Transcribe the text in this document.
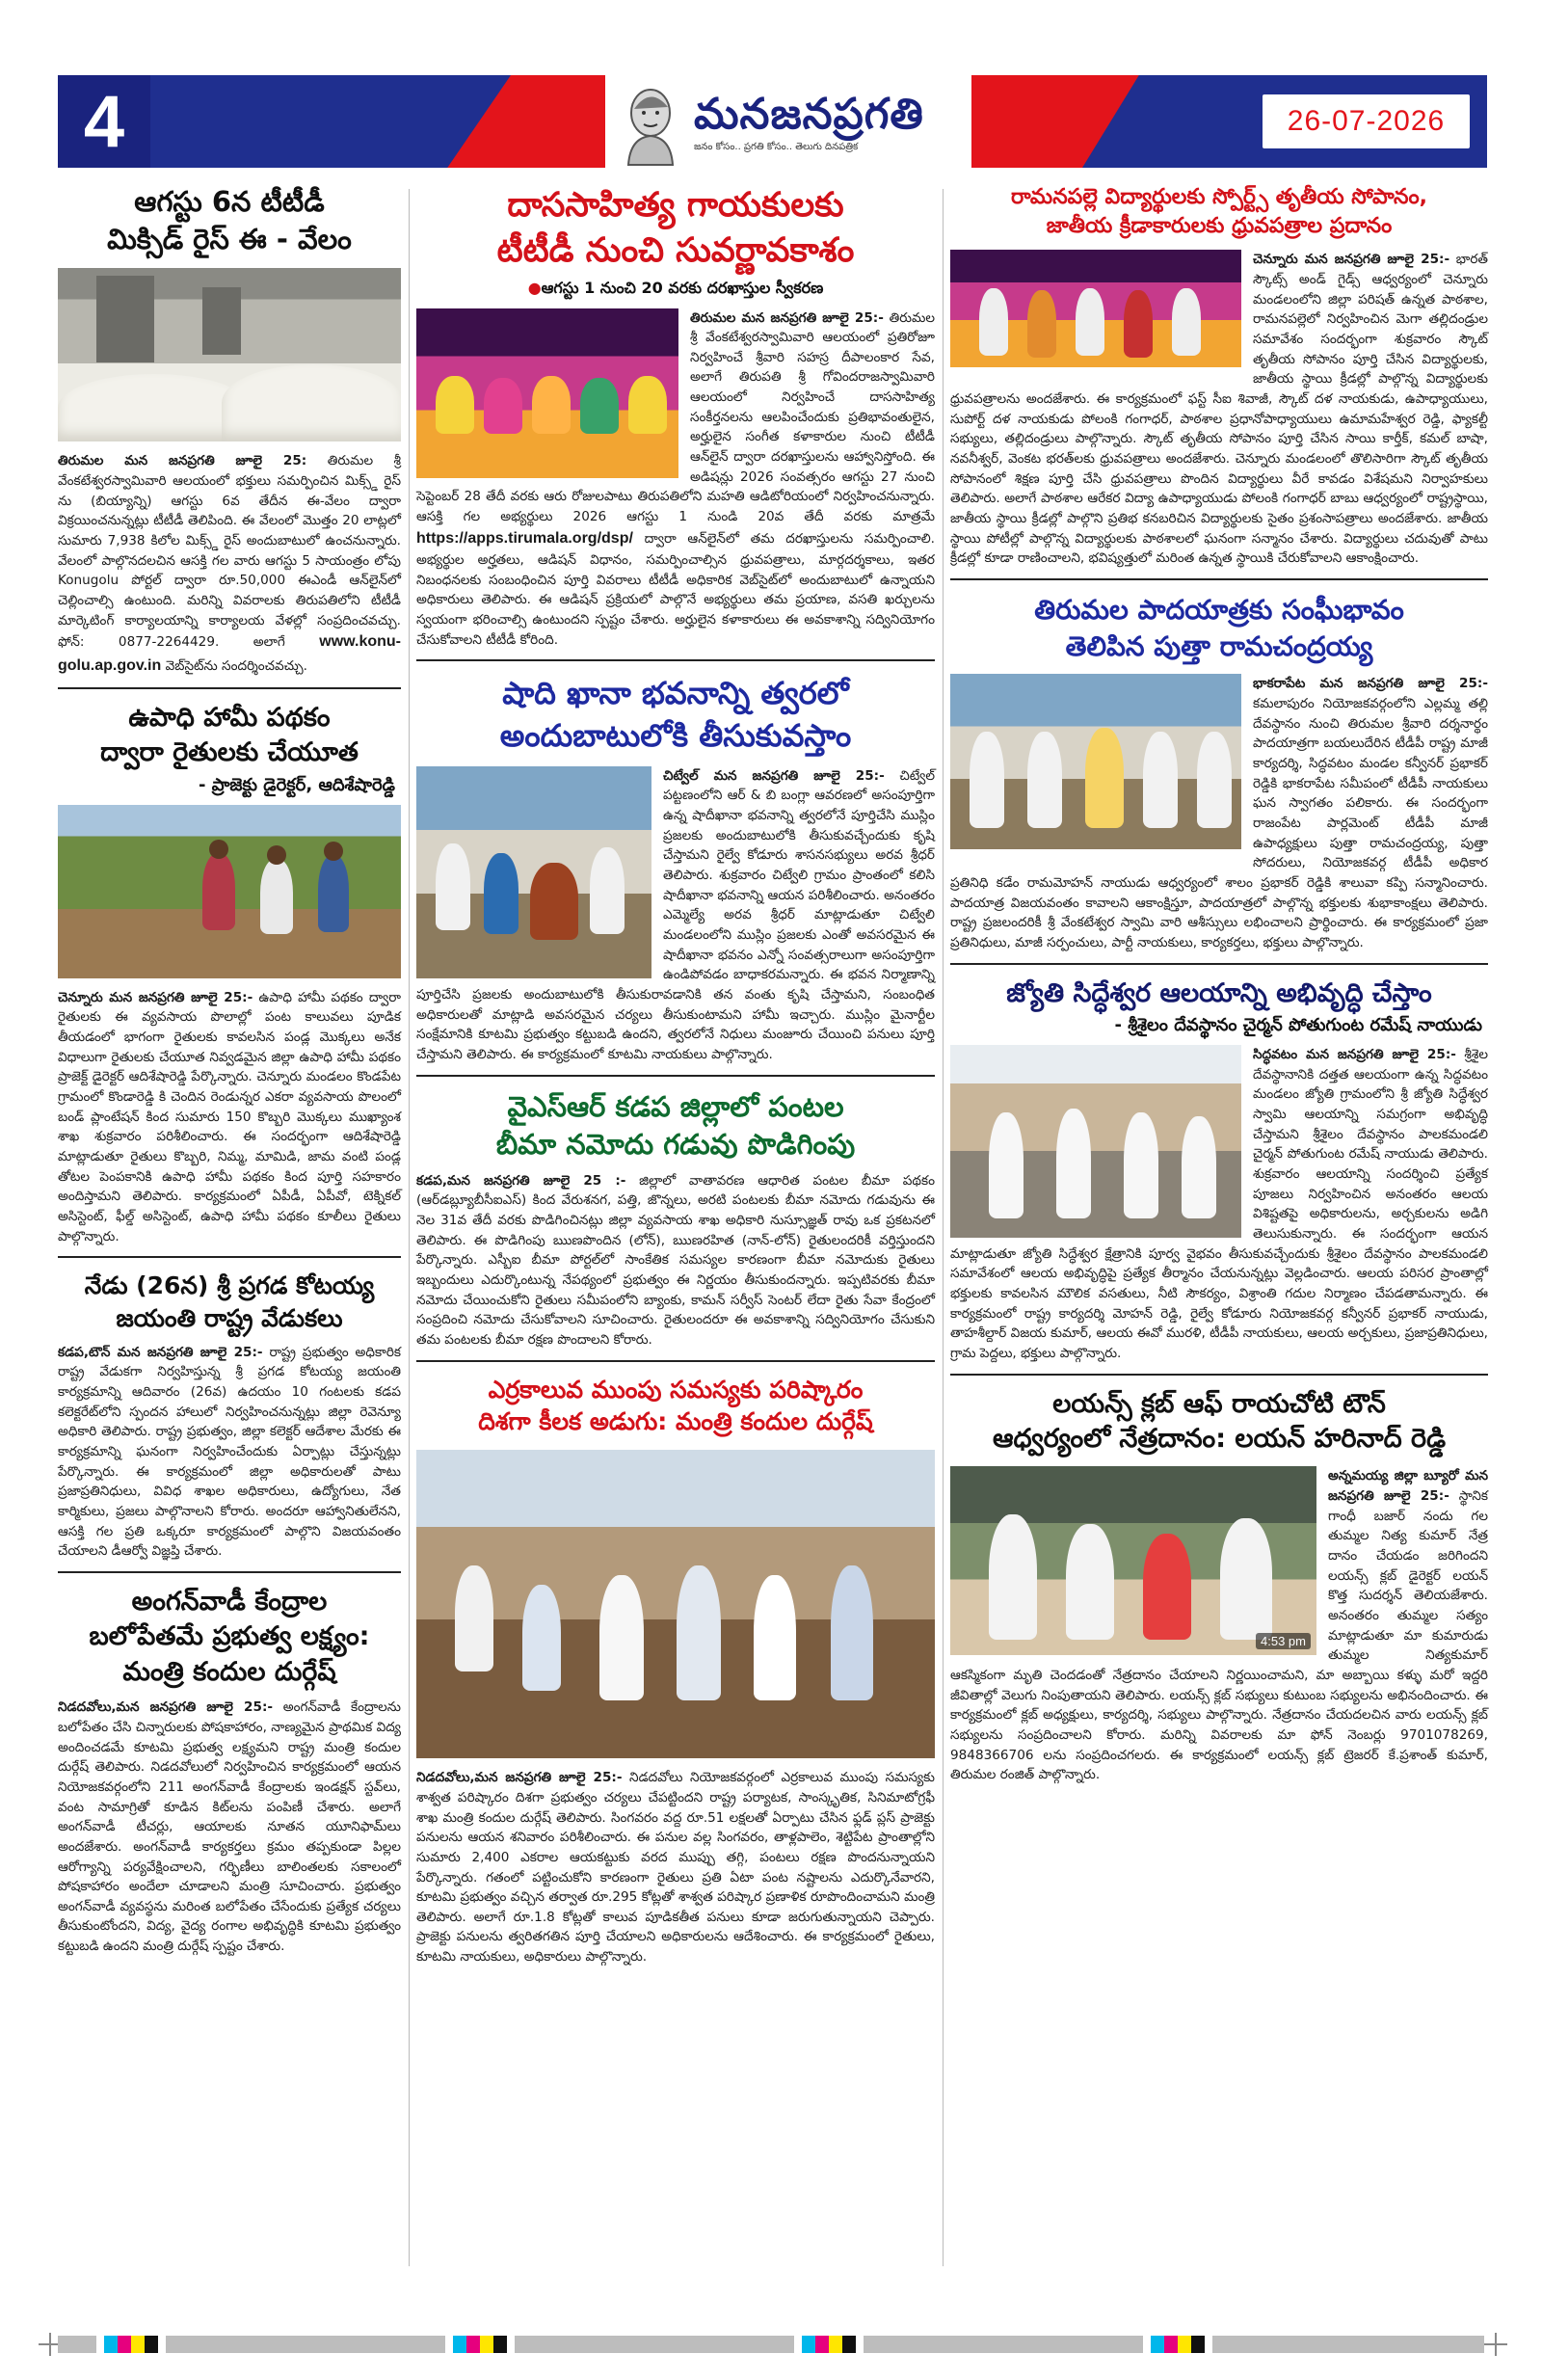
4	మనజనప్రగతి
జనం కోసం.. ప్రగతి కోసం.. తెలుగు దినపత్రిక
26-07-2026
ఆగస్టు 6న టీటీడీ
మిక్సిడ్ రైస్ ఈ - వేలం

తిరుమల మన జనప్రగతి జూలై 25: తిరుమల శ్రీ వేంకటేశ్వరస్వామివారి ఆలయంలో భక్తులు సమర్పించిన మిక్స్డ్ రైస్ ను (బియ్యాన్ని) ఆగస్టు 6వ తేదీన ఈ-వేలం ద్వారా విక్రయించనున్నట్లు టీటీడీ తెలిపింది. ఈ వేలంలో మొత్తం 20 లాట్లలో సుమారు 7,938 కిలోల మిక్స్డ్ రైస్ అందుబాటులో ఉంచనున్నారు. వేలంలో పాల్గొనదలచిన ఆసక్తి గల వారు ఆగస్టు 5 సాయంత్రం లోపు Konugolu పోర్టల్ ద్వారా రూ.50,000 ఈఎండీ ఆన్‌లైన్‌లో చెల్లించాల్సి ఉంటుంది. మరిన్ని వివరాలకు తిరుపతిలోని టీటీడీ మార్కెటింగ్ కార్యాలయాన్ని కార్యాలయ వేళల్లో సంప్రదించవచ్చు. ఫోన్: 0877-2264429. అలాగే www.konu-golu.ap.gov.in వెబ్‌సైట్‌ను సందర్శించవచ్చు.

ఉపాధి హామీ పథకం
ద్వారా రైతులకు చేయూత
- ప్రాజెక్టు డైరెక్టర్, ఆదిశేషారెడ్డి

చెన్నూరు మన జనప్రగతి జూలై 25:- ఉపాధి హామీ పథకం ద్వారా రైతులకు ఈ వ్యవసాయ పొలాల్లో పంట కాలువలు పూడిక తీయడంలో భాగంగా రైతులకు కావలసిన పండ్ల మొక్కలు అనేక విధాలుగా రైతులకు చేయూత నివ్వడమైన జిల్లా ఉపాధి హామీ పథకం ప్రాజెక్ట్ డైరెక్టర్ ఆదిశేషారెడ్డి పేర్కొన్నారు. చెన్నూరు మండలం కొండపేట గ్రామంలో కొండారెడ్డి కి చెందిన రెండున్నర ఎకరా వ్యవసాయ పొలంలో బండ్ ప్లాంటేషన్ కింద సుమారు 150 కొబ్బరి మొక్కలు ముఖ్యాంశ శాఖ శుక్రవారం పరిశీలించారు. ఈ సందర్భంగా ఆదిశేషారెడ్డి మాట్లాడుతూ రైతులు కొబ్బరి, నిమ్మ, మామిడి, జామ వంటి పండ్ల తోటల పెంపకానికి ఉపాధి హామీ పథకం కింద పూర్తి సహకారం అందిస్తామని తెలిపారు. కార్యక్రమంలో ఏపీడీ, ఏపీవో, టెక్నికల్ అసిస్టెంట్, ఫీల్డ్ అసిస్టెంట్, ఉపాధి హామీ పథకం కూలీలు రైతులు పాల్గొన్నారు.

నేడు (26న) శ్రీ ప్రగడ కోటయ్య
జయంతి రాష్ట్ర వేడుకలు

కడప,టౌన్ మన జనప్రగతి జూలై 25:- రాష్ట్ర ప్రభుత్వం అధికారిక రాష్ట్ర వేడుకగా నిర్వహిస్తున్న శ్రీ ప్రగడ కోటయ్య జయంతి కార్యక్రమాన్ని ఆదివారం (26వ) ఉదయం 10 గంటలకు కడప కలెక్టరేట్‌లోని స్పందన హాలులో నిర్వహించనున్నట్లు జిల్లా రెవెన్యూ అధికారి తెలిపారు. రాష్ట్ర ప్రభుత్వం, జిల్లా కలెక్టర్ ఆదేశాల మేరకు ఈ కార్యక్రమాన్ని ఘనంగా నిర్వహించేందుకు ఏర్పాట్లు చేస్తున్నట్లు పేర్కొన్నారు. ఈ కార్యక్రమంలో జిల్లా అధికారులతో పాటు ప్రజాప్రతినిధులు, వివిధ శాఖల అధికారులు, ఉద్యోగులు, నేత కార్మికులు, ప్రజలు పాల్గొనాలని కోరారు. అందరూ ఆహ్వానితులేనని, ఆసక్తి గల ప్రతి ఒక్కరూ కార్యక్రమంలో పాల్గొని విజయవంతం చేయాలని డీఆర్వో విజ్ఞప్తి చేశారు.

అంగన్‌వాడీ కేంద్రాల
బలోపేతమే ప్రభుత్వ లక్ష్యం:
మంత్రి కందుల దుర్గేష్

నిడదవోలు,మన జనప్రగతి జూలై 25:- అంగన్‌వాడీ కేంద్రాలను బలోపేతం చేసి చిన్నారులకు పోషకాహారం, నాణ్యమైన ప్రాథమిక విద్య అందించడమే కూటమి ప్రభుత్వ లక్ష్యమని రాష్ట్ర మంత్రి కందుల దుర్గేష్ తెలిపారు. నిడదవోలులో నిర్వహించిన కార్యక్రమంలో ఆయన నియోజకవర్గంలోని 211 అంగన్‌వాడీ కేంద్రాలకు ఇండక్షన్ స్టవ్‌లు, వంట సామాగ్రితో కూడిన కిట్‌లను పంపిణీ చేశారు. అలాగే అంగన్‌వాడీ టీచర్లు, ఆయాలకు నూతన యూనిఫామ్‌లు అందజేశారు. అంగన్‌వాడీ కార్యకర్తలు క్రమం తప్పకుండా పిల్లల ఆరోగ్యాన్ని పర్యవేక్షించాలని, గర్భిణీలు బాలింతలకు సకాలంలో పోషకాహారం అందేలా చూడాలని మంత్రి సూచించారు. ప్రభుత్వం అంగన్‌వాడీ వ్యవస్థను మరింత బలోపేతం చేసేందుకు ప్రత్యేక చర్యలు తీసుకుంటోందని, విద్య, వైద్య రంగాల అభివృద్ధికి కూటమి ప్రభుత్వం కట్టుబడి ఉందని మంత్రి దుర్గేష్ స్పష్టం చేశారు.

దాససాహిత్య గాయకులకు
టీటీడీ నుంచి సువర్ణావకాశం
● ఆగస్టు 1 నుంచి 20 వరకు దరఖాస్తుల స్వీకరణ

తిరుమల మన జనప్రగతి జూలై 25:- తిరుమల శ్రీ వేంకటేశ్వరస్వామివారి ఆలయంలో ప్రతిరోజూ నిర్వహించే శ్రీవారి సహస్ర దీపాలంకార సేవ, అలాగే తిరుపతి శ్రీ గోవిందరాజస్వామివారి ఆలయంలో నిర్వహించే దాససాహిత్య సంకీర్తనలను ఆలపించేందుకు ప్రతిభావంతులైన, అర్హులైన సంగీత కళాకారుల నుంచి టీటీడీ ఆన్‌లైన్ ద్వారా దరఖాస్తులను ఆహ్వానిస్తోంది. ఈ అడిషన్లు 2026 సంవత్సరం ఆగస్టు 27 నుంచి సెప్టెంబర్ 28 తేదీ వరకు ఆరు రోజులపాటు తిరుపతిలోని మహతి ఆడిటోరియంలో నిర్వహించనున్నారు. ఆసక్తి గల అభ్యర్థులు 2026 ఆగస్టు 1 నుండి 20వ తేదీ వరకు మాత్రమే https://apps.tirumala.org/dsp/ ద్వారా ఆన్‌లైన్‌లో తమ దరఖాస్తులను సమర్పించాలి. అభ్యర్థుల అర్హతలు, ఆడిషన్ విధానం, సమర్పించాల్సిన ధ్రువపత్రాలు, మార్గదర్శకాలు, ఇతర నిబంధనలకు సంబంధించిన పూర్తి వివరాలు టీటీడీ అధికారిక వెబ్‌సైట్‌లో అందుబాటులో ఉన్నాయని అధికారులు తెలిపారు. ఈ ఆడిషన్ ప్రక్రియలో పాల్గొనే అభ్యర్థులు తమ ప్రయాణ, వసతి ఖర్చులను స్వయంగా భరించాల్సి ఉంటుందని స్పష్టం చేశారు. అర్హులైన కళాకారులు ఈ అవకాశాన్ని సద్వినియోగం చేసుకోవాలని టీటీడీ కోరింది.

షాది ఖానా భవనాన్ని త్వరలో
అందుబాటులోకి తీసుకువస్తాం

చిట్వేల్ మన జనప్రగతి జూలై 25:- చిట్వేల్ పట్టణంలోని ఆర్ & బి బంగ్లా ఆవరణలో అసంపూర్తిగా ఉన్న షాదీఖానా భవనాన్ని త్వరలోనే పూర్తిచేసి ముస్లిం ప్రజలకు అందుబాటులోకి తీసుకువచ్చేందుకు కృషి చేస్తామని రైల్వే కోడూరు శాసనసభ్యులు అరవ శ్రీధర్ తెలిపారు. శుక్రవారం చిట్వేలి గ్రామం ప్రాంతంలో కలిసి షాదీఖానా భవనాన్ని ఆయన పరిశీలించారు. అనంతరం ఎమ్మెల్యే అరవ శ్రీధర్ మాట్లాడుతూ చిట్వేలి మండలంలోని ముస్లిం ప్రజలకు ఎంతో అవసరమైన ఈ షాదీఖానా భవనం ఎన్నో సంవత్సరాలుగా అసంపూర్తిగా ఉండిపోవడం బాధాకరమన్నారు. ఈ భవన నిర్మాణాన్ని పూర్తిచేసి ప్రజలకు అందుబాటులోకి తీసుకురావడానికి తన వంతు కృషి చేస్తామని, సంబంధిత అధికారులతో మాట్లాడి అవసరమైన చర్యలు తీసుకుంటామని హామీ ఇచ్చారు. ముస్లిం మైనార్టీల సంక్షేమానికి కూటమి ప్రభుత్వం కట్టుబడి ఉందని, త్వరలోనే నిధులు మంజూరు చేయించి పనులు పూర్తి చేస్తామని తెలిపారు. ఈ కార్యక్రమంలో కూటమి నాయకులు పాల్గొన్నారు.

వైఎస్ఆర్ కడప జిల్లాలో పంటల
బీమా నమోదు గడువు పొడిగింపు

కడప,మన జనప్రగతి జూలై 25 :- జిల్లాలో వాతావరణ ఆధారిత పంటల బీమా పథకం (ఆర్‌డబ్ల్యూబీసీఐఎస్) కింద వేరుశనగ, పత్తి, జొన్నలు, అరటి పంటలకు బీమా నమోదు గడువును ఈ నెల 31వ తేదీ వరకు పొడిగించినట్లు జిల్లా వ్యవసాయ శాఖ అధికారి నుస్సూజ్ఞత్ రావు ఒక ప్రకటనలో తెలిపారు. ఈ పొడిగింపు ఋణపొందిన (లోన్), ఋణరహిత (నాన్-లోన్) రైతులందరికీ వర్తిస్తుందని పేర్కొన్నారు. ఎస్బీఐ బీమా పోర్టల్‌లో సాంకేతిక సమస్యల కారణంగా బీమా నమోదుకు రైతులు ఇబ్బందులు ఎదుర్కొంటున్న నేపథ్యంలో ప్రభుత్వం ఈ నిర్ణయం తీసుకుందన్నారు. ఇప్పటివరకు బీమా నమోదు చేయించుకోని రైతులు సమీపంలోని బ్యాంకు, కామన్ సర్వీస్ సెంటర్ లేదా రైతు సేవా కేంద్రంలో సంప్రదించి నమోదు చేసుకోవాలని సూచించారు. రైతులందరూ ఈ అవకాశాన్ని సద్వినియోగం చేసుకుని తమ పంటలకు బీమా రక్షణ పొందాలని కోరారు.

ఎర్రకాలువ ముంపు సమస్యకు పరిష్కారం
దిశగా కీలక అడుగు: మంత్రి కందుల దుర్గేష్

నిడదవోలు,మన జనప్రగతి జూలై 25:- నిడదవోలు నియోజకవర్గంలో ఎర్రకాలువ ముంపు సమస్యకు శాశ్వత పరిష్కారం దిశగా ప్రభుత్వం చర్యలు చేపట్టిందని రాష్ట్ర పర్యాటక, సాంస్కృతిక, సినిమాటోగ్రఫీ శాఖ మంత్రి కందుల దుర్గేష్ తెలిపారు. సింగవరం వద్ద రూ.51 లక్షలతో ఏర్పాటు చేసిన ఫ్లడ్ ప్లస్ ప్రాజెక్టు పనులను ఆయన శనివారం పరిశీలించారు. ఈ పనుల వల్ల సింగవరం, తాళ్లపాలెం, శెట్టిపేట ప్రాంతాల్లోని సుమారు 2,400 ఎకరాల ఆయకట్టుకు వరద ముప్పు తగ్గి, పంటలు రక్షణ పొందనున్నాయని పేర్కొన్నారు. గతంలో పట్టించుకోని కారణంగా రైతులు ప్రతి ఏటా పంట నష్టాలను ఎదుర్కొనేవారని, కూటమి ప్రభుత్వం వచ్చిన తర్వాత రూ.295 కోట్లతో శాశ్వత పరిష్కార ప్రణాళిక రూపొందించామని మంత్రి తెలిపారు. అలాగే రూ.1.8 కోట్లతో కాలువ పూడికతీత పనులు కూడా జరుగుతున్నాయని చెప్పారు. ప్రాజెక్టు పనులను త్వరితగతిన పూర్తి చేయాలని అధికారులను ఆదేశించారు. ఈ కార్యక్రమంలో రైతులు, కూటమి నాయకులు, అధికారులు పాల్గొన్నారు.

రామనపల్లె విద్యార్థులకు స్పోర్ట్స్ తృతీయ సోపానం,
జాతీయ క్రీడాకారులకు ధ్రువపత్రాల ప్రదానం

చెన్నూరు మన జనప్రగతి జూలై 25:- భారత్ స్కౌట్స్ అండ్ గైడ్స్ ఆధ్వర్యంలో చెన్నూరు మండలంలోని జిల్లా పరిషత్ ఉన్నత పాఠశాల, రామనపల్లెలో నిర్వహించిన మెగా తల్లిదండ్రుల సమావేశం సందర్భంగా శుక్రవారం స్కౌట్ తృతీయ సోపానం పూర్తి చేసిన విద్యార్థులకు, జాతీయ స్థాయి క్రీడల్లో పాల్గొన్న విద్యార్థులకు ధ్రువపత్రాలను అందజేశారు. ఈ కార్యక్రమంలో ఫస్ట్ సీఐ శివాజీ, స్కౌట్ దళ నాయకుడు, ఉపాధ్యాయులు, సుపోర్ట్ దళ నాయకుడు పోలంకి గంగాధర్, పాఠశాల ప్రధానోపాధ్యాయులు ఉమామహేశ్వర రెడ్డి, ఫ్యాకల్టీ సభ్యులు, తల్లిదండ్రులు పాల్గొన్నారు. స్కౌట్ తృతీయ సోపానం పూర్తి చేసిన సాయి కార్తీక్, కమల్ బాషా, నవనీశ్వర్, వెంకట భరత్‌లకు ధ్రువపత్రాలు అందజేశారు. చెన్నూరు మండలంలో తొలిసారిగా స్కౌట్ తృతీయ సోపానంలో శిక్షణ పూర్తి చేసి ధ్రువపత్రాలు పొందిన విద్యార్థులు వీరే కావడం విశేషమని నిర్వాహకులు తెలిపారు. అలాగే పాఠశాల ఆరేకర విద్యా ఉపాధ్యాయుడు పోలంకి గంగాధర్ బాబు ఆధ్వర్యంలో రాష్ట్రస్థాయి, జాతీయ స్థాయి క్రీడల్లో పాల్గొని ప్రతిభ కనబరిచిన విద్యార్థులకు సైతం ప్రశంసాపత్రాలు అందజేశారు. జాతీయ స్థాయి పోటీల్లో పాల్గొన్న విద్యార్థులకు పాఠశాలలో ఘనంగా సన్మానం చేశారు. విద్యార్థులు చదువుతో పాటు క్రీడల్లో కూడా రాణించాలని, భవిష్యత్తులో మరింత ఉన్నత స్థాయికి చేరుకోవాలని ఆకాంక్షించారు.

తిరుమల పాదయాత్రకు సంఘీభావం
తెలిపిన పుత్తా రామచంద్రయ్య

భాకరాపేట మన జనప్రగతి జూలై 25:- కమలాపురం నియోజకవర్గంలోని ఎల్లమ్మ తల్లి దేవస్థానం నుంచి తిరుమల శ్రీవారి దర్శనార్థం పాదయాత్రగా బయలుదేరిన టీడీపీ రాష్ట్ర మాజీ కార్యదర్శి, సిద్ధవటం మండల కన్వీనర్ ప్రభాకర్ రెడ్డికి భాకరాపేట సమీపంలో టీడీపీ నాయకులు ఘన స్వాగతం పలికారు. ఈ సందర్భంగా రాజంపేట పార్లమెంట్ టీడీపీ మాజీ ఉపాధ్యక్షులు పుత్తా రామచంద్రయ్య, పుత్తా సోదరులు, నియోజకవర్గ టీడీపీ అధికార ప్రతినిధి కడేం రామమోహన్ నాయుడు ఆధ్వర్యంలో శాలం ప్రభాకర్ రెడ్డికి శాలువా కప్పి సన్మానించారు. పాదయాత్ర విజయవంతం కావాలని ఆకాంక్షిస్తూ, పాదయాత్రలో పాల్గొన్న భక్తులకు శుభాకాంక్షలు తెలిపారు. రాష్ట్ర ప్రజలందరికీ శ్రీ వేంకటేశ్వర స్వామి వారి ఆశీస్సులు లభించాలని ప్రార్థించారు. ఈ కార్యక్రమంలో ప్రజా ప్రతినిధులు, మాజీ సర్పంచులు, పార్టీ నాయకులు, కార్యకర్తలు, భక్తులు పాల్గొన్నారు.

జ్యోతి సిద్ధేశ్వర ఆలయాన్ని అభివృద్ధి చేస్తాం
- శ్రీశైలం దేవస్థానం చైర్మన్ పోతుగుంట రమేష్ నాయుడు

సిద్ధవటం మన జనప్రగతి జూలై 25:- శ్రీశైల దేవస్థానానికి దత్తత ఆలయంగా ఉన్న సిద్ధవటం మండలం జ్యోతి గ్రామంలోని శ్రీ జ్యోతి సిద్ధేశ్వర స్వామి ఆలయాన్ని సమగ్రంగా అభివృద్ధి చేస్తామని శ్రీశైలం దేవస్థానం పాలకమండలి చైర్మన్ పోతుగుంట రమేష్ నాయుడు తెలిపారు. శుక్రవారం ఆలయాన్ని సందర్శించి ప్రత్యేక పూజలు నిర్వహించిన అనంతరం ఆలయ విశిష్టతపై అధికారులను, అర్చకులను అడిగి తెలుసుకున్నారు. ఈ సందర్భంగా ఆయన మాట్లాడుతూ జ్యోతి సిద్ధేశ్వర క్షేత్రానికి పూర్వ వైభవం తీసుకువచ్చేందుకు శ్రీశైలం దేవస్థానం పాలకమండలి సమావేశంలో ఆలయ అభివృద్ధిపై ప్రత్యేక తీర్మానం చేయనున్నట్లు వెల్లడించారు. ఆలయ పరిసర ప్రాంతాల్లో భక్తులకు కావలసిన మౌలిక వసతులు, నీటి సౌకర్యం, విశ్రాంతి గదుల నిర్మాణం చేపడతామన్నారు. ఈ కార్యక్రమంలో రాష్ట్ర కార్యదర్శి మోహన్ రెడ్డి, రైల్వే కోడూరు నియోజకవర్గ కన్వీనర్ ప్రభాకర్ నాయుడు, తాహశీల్దార్ విజయ కుమార్, ఆలయ ఈవో మురళి, టీడీపీ నాయకులు, ఆలయ అర్చకులు, ప్రజాప్రతినిధులు, గ్రామ పెద్దలు, భక్తులు పాల్గొన్నారు.

లయన్స్ క్లబ్ ఆఫ్ రాయచోటి టౌన్
ఆధ్వర్యంలో నేత్రదానం: లయన్ హరినాద్ రెడ్డి
4:53 pm

అన్నమయ్య జిల్లా బ్యూరో మన జనప్రగతి జూలై 25:- స్థానిక గాంధీ బజార్ నందు గల తుమ్మల నిత్య కుమార్ నేత్ర దానం చేయడం జరిగిందని లయన్స్ క్లబ్ డైరెక్టర్ లయన్ కొత్త సుదర్శన్ తెలియజేశారు. అనంతరం తుమ్మల సత్యం మాట్లాడుతూ మా కుమారుడు తుమ్మల నిత్యకుమార్ ఆకస్మికంగా మృతి చెందడంతో నేత్రదానం చేయాలని నిర్ణయించామని, మా అబ్బాయి కళ్ళు మరో ఇద్దరి జీవితాల్లో వెలుగు నింపుతాయని తెలిపారు. లయన్స్ క్లబ్ సభ్యులు కుటుంబ సభ్యులను అభినందించారు. ఈ కార్యక్రమంలో క్లబ్ అధ్యక్షులు, కార్యదర్శి, సభ్యులు పాల్గొన్నారు. నేత్రదానం చేయదలచిన వారు లయన్స్ క్లబ్ సభ్యులను సంప్రదించాలని కోరారు. మరిన్ని వివరాలకు మా ఫోన్ నెంబర్లు 9701078269, 9848366706 లను సంప్రదించగలరు. ఈ కార్యక్రమంలో లయన్స్ క్లబ్ ట్రెజరర్ కే.ప్రశాంత్ కుమార్, తిరుమల రంజిత్ పాల్గొన్నారు.
